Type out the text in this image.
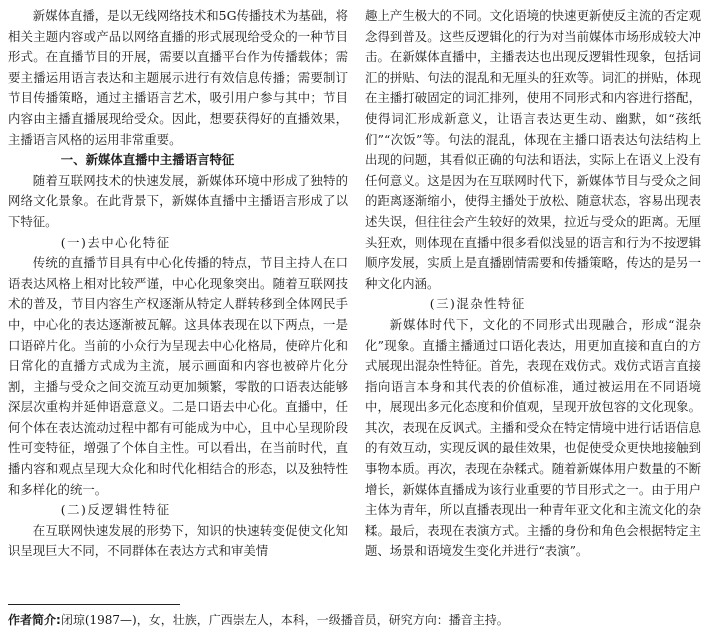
新媒体直播，是以无线网络技术和5G传播技术为基础，将相关主题内容或产品以网络直播的形式展现给受众的一种节目形式。在直播节目的开展，需要以直播平台作为传播载体；需要主播运用语言表达和主题展示进行有效信息传播；需要制订节目传播策略，通过主播语言艺术，吸引用户参与其中；节目内容由主播直播展现给受众。因此，想要获得好的直播效果，主播语言风格的运用非常重要。

一、新媒体直播中主播语言特征

随着互联网技术的快速发展，新媒体环境中形成了独特的网络文化景象。在此背景下，新媒体直播中主播语言形成了以下特征。

(一)去中心化特征

传统的直播节目具有中心化传播的特点，节目主持人在口语表达风格上相对比较严谨，中心化现象突出。随着互联网技术的普及，节目内容生产权逐渐从特定人群转移到全体网民手中，中心化的表达逐渐被瓦解。这具体表现在以下两点，一是口语碎片化。当前的小众行为呈现去中心化格局，使碎片化和日常化的直播方式成为主流，展示画面和内容也被碎片化分割，主播与受众之间交流互动更加频繁，零散的口语表达能够深层次重构并延伸语意意义。二是口语去中心化。直播中，任何个体在表达流动过程中都有可能成为中心，且中心呈现阶段性可变特征，增强了个体自主性。可以看出，在当前时代，直播内容和观点呈现大众化和时代化相结合的形态，以及独特性和多样化的统一。

(二)反逻辑性特征

在互联网快速发展的形势下，知识的快速转变促使文化知识呈现巨大不同，不同群体在表达方式和审美情

趣上产生极大的不同。文化语境的快速更新使反主流的否定观念得到普及。这些反逻辑化的行为对当前媒体市场形成较大冲击。在新媒体直播中，主播表达也出现反逻辑性现象，包括词汇的拼贴、句法的混乱和无厘头的狂欢等。词汇的拼贴，体现在主播打破固定的词汇排列，使用不同形式和内容进行搭配，使得词汇形成新意义，让语言表达更生动、幽默，如“孩纸们”“次饭”等。句法的混乱，体现在主播口语表达句法结构上出现的问题，其看似正确的句法和语法，实际上在语义上没有任何意义。这是因为在互联网时代下，新媒体节目与受众之间的距离逐渐缩小，使得主播处于放松、随意状态，容易出现表述失误，但往往会产生较好的效果，拉近与受众的距离。无厘头狂欢，则体现在直播中很多看似浅显的语言和行为不按逻辑顺序发展，实质上是直播剧情需要和传播策略，传达的是另一种文化内涵。

(三)混杂性特征

新媒体时代下，文化的不同形式出现融合，形成“混杂化”现象。直播主播通过口语化表达，用更加直接和直白的方式展现出混杂性特征。首先，表现在戏仿式。戏仿式语言直接指向语言本身和其代表的价值标准，通过被运用在不同语境中，展现出多元化态度和价值观，呈现开放包容的文化现象。其次，表现在反讽式。主播和受众在特定情境中进行话语信息的有效互动，实现反讽的最佳效果，也促使受众更快地接触到事物本质。再次，表现在杂糅式。随着新媒体用户数量的不断增长，新媒体直播成为该行业重要的节目形式之一。由于用户主体为青年，所以直播表现出一种青年亚文化和主流文化的杂糅。最后，表现在表演方式。主播的身份和角色会根据特定主题、场景和语境发生变化并进行“表演”。

作者简介:闭琼(1987—)，女，壮族，广西崇左人，本科，一级播音员，研究方向：播音主持。
